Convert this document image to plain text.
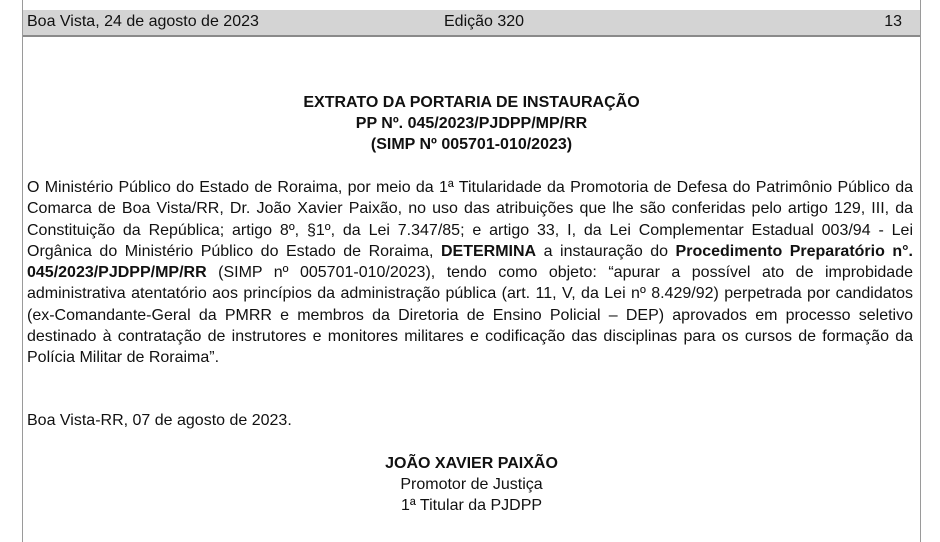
Boa Vista, 24 de agosto de 2023	Edição 320	13
EXTRATO DA PORTARIA DE INSTAURAÇÃO
PP Nº. 045/2023/PJDPP/MP/RR
(SIMP Nº 005701-010/2023)

O Ministério Público do Estado de Roraima, por meio da 1ª Titularidade da Promotoria de Defesa do Patrimônio Público da Comarca de Boa Vista/RR, Dr. João Xavier Paixão, no uso das atribuições que lhe são conferidas pelo artigo 129, III, da Constituição da República; artigo 8º, §1º, da Lei 7.347/85; e artigo 33, I, da Lei Complementar Estadual 003/94 - Lei Orgânica do Ministério Público do Estado de Roraima, DETERMINA a instauração do Procedimento Preparatório n°. 045/2023/PJDPP/MP/RR (SIMP nº 005701-010/2023), tendo como objeto: “apurar a possível ato de improbidade administrativa atentatório aos princípios da administração pública (art. 11, V, da Lei nº 8.429/92) perpetrada por candidatos (ex-Comandante-Geral da PMRR e membros da Diretoria de Ensino Policial – DEP) aprovados em processo seletivo destinado à contratação de instrutores e monitores militares e codificação das disciplinas para os cursos de formação da Polícia Militar de Roraima”.

Boa Vista-RR, 07 de agosto de 2023.
JOÃO XAVIER PAIXÃO
Promotor de Justiça
1ª Titular da PJDPP
